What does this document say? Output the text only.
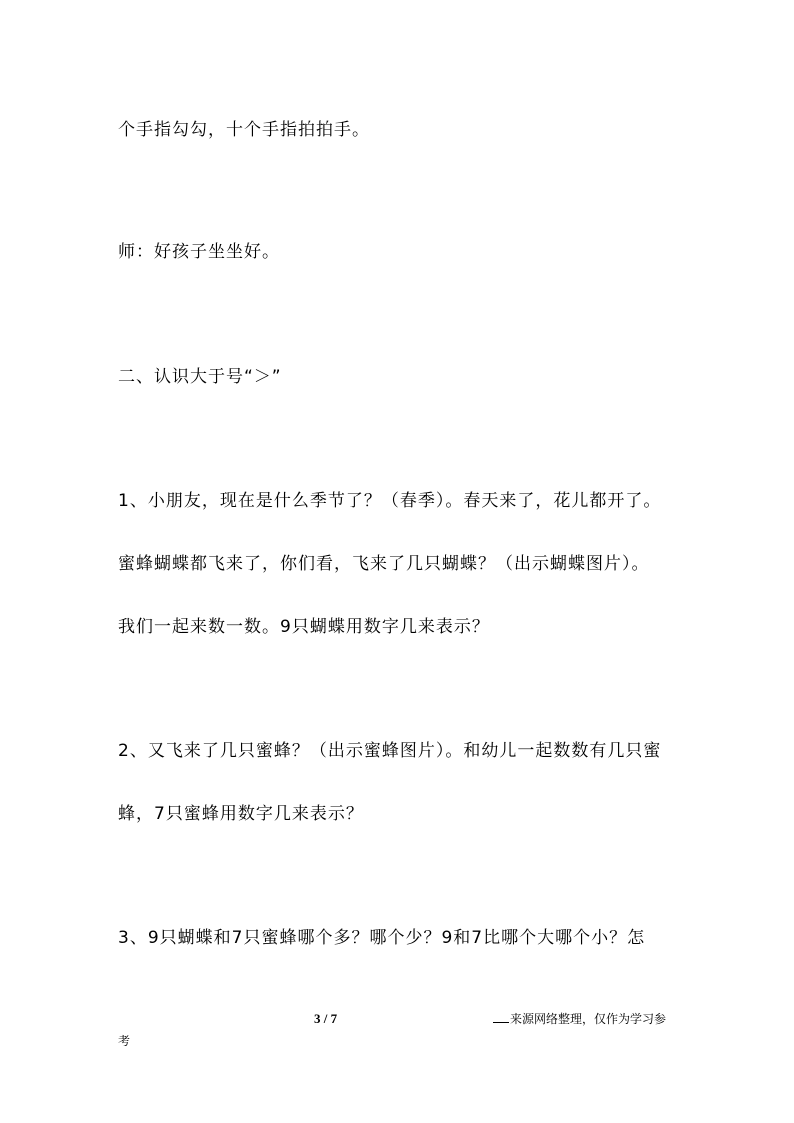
个手指勾勾，十个手指拍拍手。
师：好孩子坐坐好。
二、认识大于号“＞”
1、小朋友，现在是什么季节了？（春季）。春天来了，花儿都开了。
蜜蜂蝴蝶都飞来了，你们看，飞来了几只蝴蝶？（出示蝴蝶图片）。
我们一起来数一数。9只蝴蝶用数字几来表示？
2、又飞来了几只蜜蜂？（出示蜜蜂图片）。和幼儿一起数数有几只蜜
蜂，7只蜜蜂用数字几来表示？
3、9只蝴蝶和7只蜜蜂哪个多？哪个少？9和7比哪个大哪个小？怎
3 / 7	来源网络整理，仅作为学习参
考
